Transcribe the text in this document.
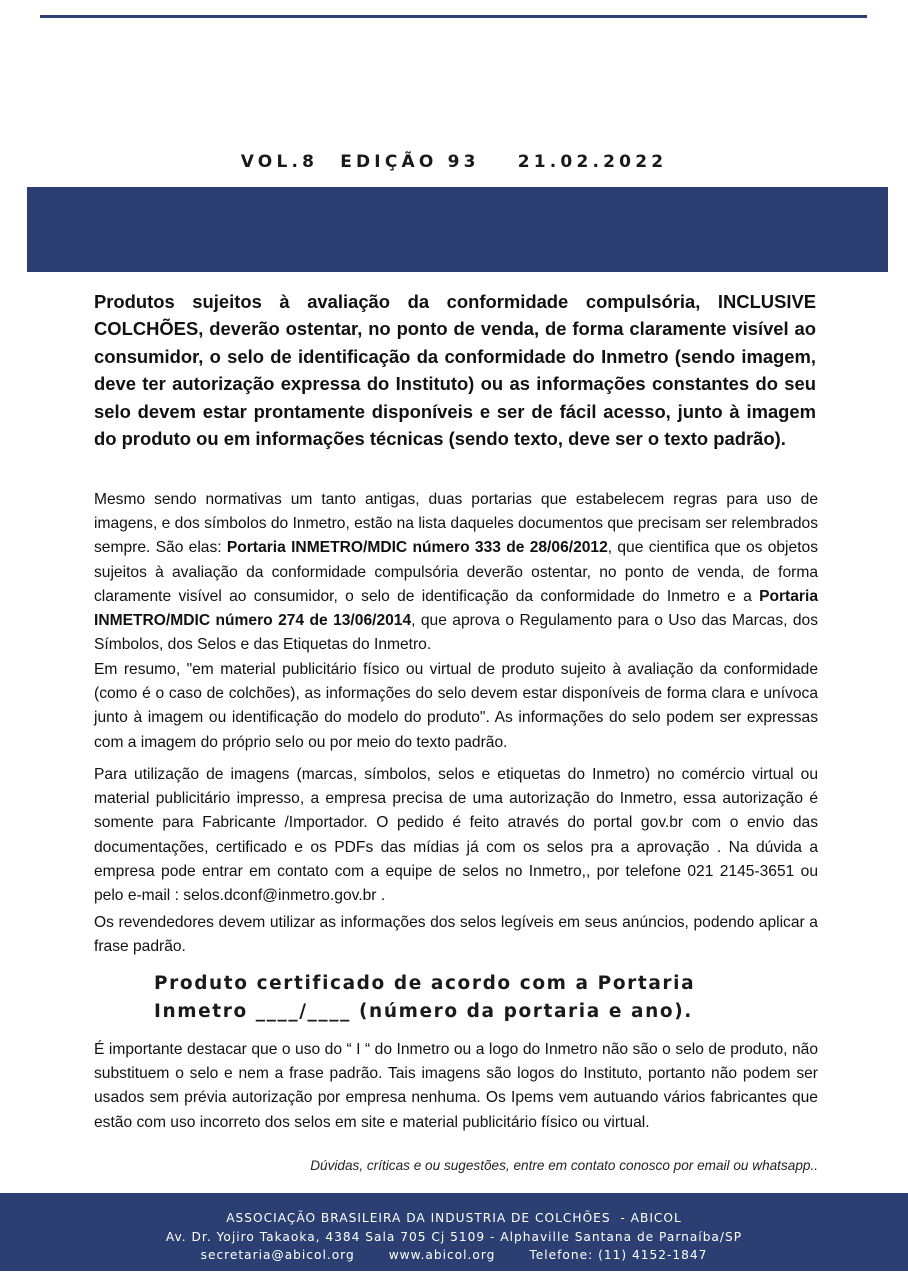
VOL.8 EDIÇÃO 93 21.02.2022

Produtos sujeitos à avaliação da conformidade compulsória, INCLUSIVE COLCHÕES, deverão ostentar, no ponto de venda, de forma claramente visível ao consumidor, o selo de identificação da conformidade do Inmetro (sendo imagem, deve ter autorização expressa do Instituto) ou as informações constantes do seu selo devem estar prontamente disponíveis e ser de fácil acesso, junto à imagem do produto ou em informações técnicas (sendo texto, deve ser o texto padrão).

Mesmo sendo normativas um tanto antigas, duas portarias que estabelecem regras para uso de imagens, e dos símbolos do Inmetro, estão na lista daqueles documentos que precisam ser relembrados sempre. São elas: Portaria INMETRO/MDIC número 333 de 28/06/2012, que cientifica que os objetos sujeitos à avaliação da conformidade compulsória deverão ostentar, no ponto de venda, de forma claramente visível ao consumidor, o selo de identificação da conformidade do Inmetro e a Portaria INMETRO/MDIC número 274 de 13/06/2014, que aprova o Regulamento para o Uso das Marcas, dos Símbolos, dos Selos e das Etiquetas do Inmetro.

Em resumo, "em material publicitário físico ou virtual de produto sujeito à avaliação da conformidade (como é o caso de colchões), as informações do selo devem estar disponíveis de forma clara e unívoca junto à imagem ou identificação do modelo do produto". As informações do selo podem ser expressas com a imagem do próprio selo ou por meio do texto padrão.

Para utilização de imagens (marcas, símbolos, selos e etiquetas do Inmetro) no comércio virtual ou material publicitário impresso, a empresa precisa de uma autorização do Inmetro, essa autorização é somente para Fabricante /Importador. O pedido é feito através do portal gov.br com o envio das documentações, certificado e os PDFs das mídias já com os selos pra a aprovação . Na dúvida a empresa pode entrar em contato com a equipe de selos no Inmetro,, por telefone 021 2145-3651 ou pelo e-mail : selos.dconf@inmetro.gov.br .

Os revendedores devem utilizar as informações dos selos legíveis em seus anúncios, podendo aplicar a frase padrão.

Produto certificado de acordo com a Portaria
Inmetro ____/____ (número da portaria e ano).

É importante destacar que o uso do “ I “ do Inmetro ou a logo do Inmetro não são o selo de produto, não substituem o selo e nem a frase padrão. Tais imagens são logos do Instituto, portanto não podem ser usados sem prévia autorização por empresa nenhuma. Os Ipems vem autuando vários fabricantes que estão com uso incorreto dos selos em site e material publicitário físico ou virtual.

Dúvidas, críticas e ou sugestões, entre em contato conosco por email ou whatsapp..
ASSOCIAÇÃO BRASILEIRA DA INDUSTRIA DE COLCHÕES  - ABICOL
Av. Dr. Yojiro Takaoka, 4384 Sala 705 Cj 5109 - Alphaville Santana de Parnaíba/SP
secretaria@abicol.org	www.abicol.org	Telefone: (11) 4152-1847
